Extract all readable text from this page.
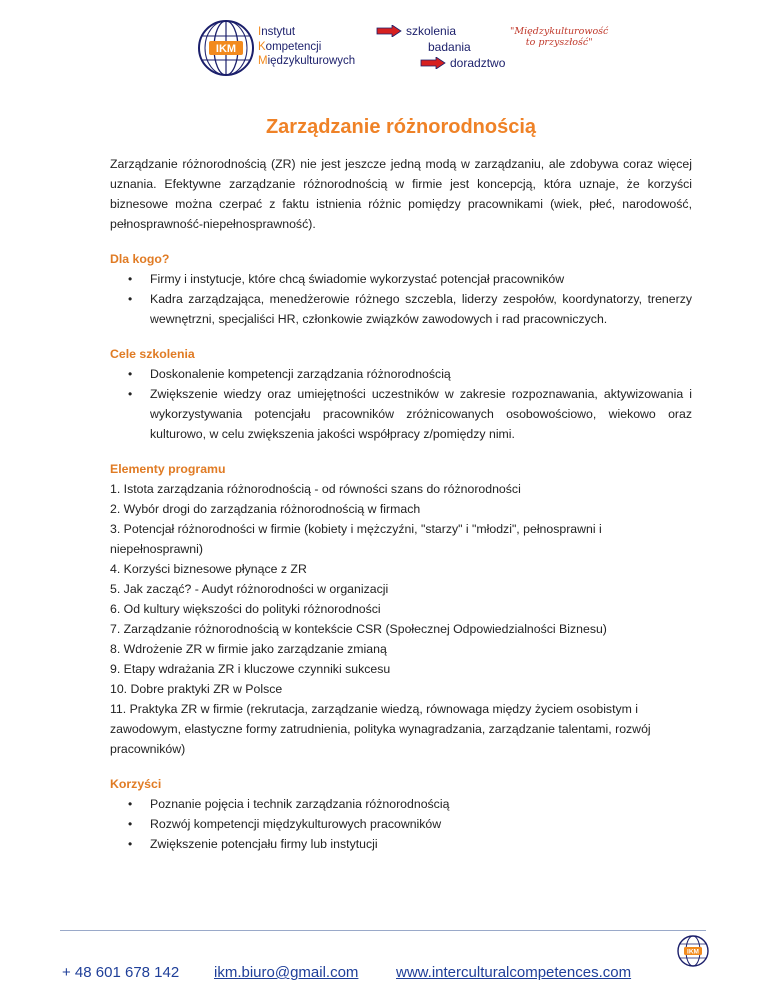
IKM
Instytut
Kompetencji
Międzykulturowych
szkolenia
badania
doradztwo
"Międzykulturowość
to przyszłość"
Zarządzanie różnorodnością

Zarządzanie różnorodnością (ZR) nie jest jeszcze jedną modą w zarządzaniu, ale zdobywa coraz więcej uznania. Efektywne zarządzanie różnorodnością w firmie jest koncepcją, która uznaje, że korzyści biznesowe można czerpać z faktu istnienia różnic pomiędzy pracownikami (wiek, płeć, narodowość, pełnosprawność-niepełnosprawność).

Dla kogo?
• Firmy i instytucje, które chcą świadomie wykorzystać potencjał pracowników
• Kadra zarządzająca, menedżerowie różnego szczebla, liderzy zespołów, koordynatorzy, trenerzy wewnętrzni, specjaliści HR, członkowie związków zawodowych i rad pracowniczych.
Cele szkolenia
• Doskonalenie kompetencji zarządzania różnorodnością
• Zwiększenie wiedzy oraz umiejętności uczestników w zakresie rozpoznawania, aktywizowania i wykorzystywania potencjału pracowników zróżnicowanych osobowościowo, wiekowo oraz kulturowo, w celu zwiększenia jakości współpracy z/pomiędzy nimi.
Elementy programu
1. Istota zarządzania różnorodnością - od równości szans do różnorodności
2. Wybór drogi do zarządzania różnorodnością w firmach
3. Potencjał różnorodności w firmie (kobiety i mężczyźni, "starzy" i "młodzi", pełnosprawni i niepełnosprawni)
4. Korzyści biznesowe płynące z ZR
5. Jak zacząć? - Audyt różnorodności w organizacji
6. Od kultury większości do polityki różnorodności
7. Zarządzanie różnorodnością w kontekście CSR (Społecznej Odpowiedzialności Biznesu)
8. Wdrożenie ZR w firmie jako zarządzanie zmianą
9. Etapy wdrażania ZR i kluczowe czynniki sukcesu
10. Dobre praktyki ZR w Polsce
11. Praktyka ZR w firmie (rekrutacja, zarządzanie wiedzą, równowaga między życiem osobistym i zawodowym, elastyczne formy zatrudnienia, polityka wynagradzania, zarządzanie talentami, rozwój pracowników)
Korzyści
• Poznanie pojęcia i technik zarządzania różnorodnością
• Rozwój kompetencji międzykulturowych pracowników
• Zwiększenie potencjału firmy lub instytucji
IKM
+ 48 601 678 142 ikm.biuro@gmail.com	www.interculturalcompetences.com
